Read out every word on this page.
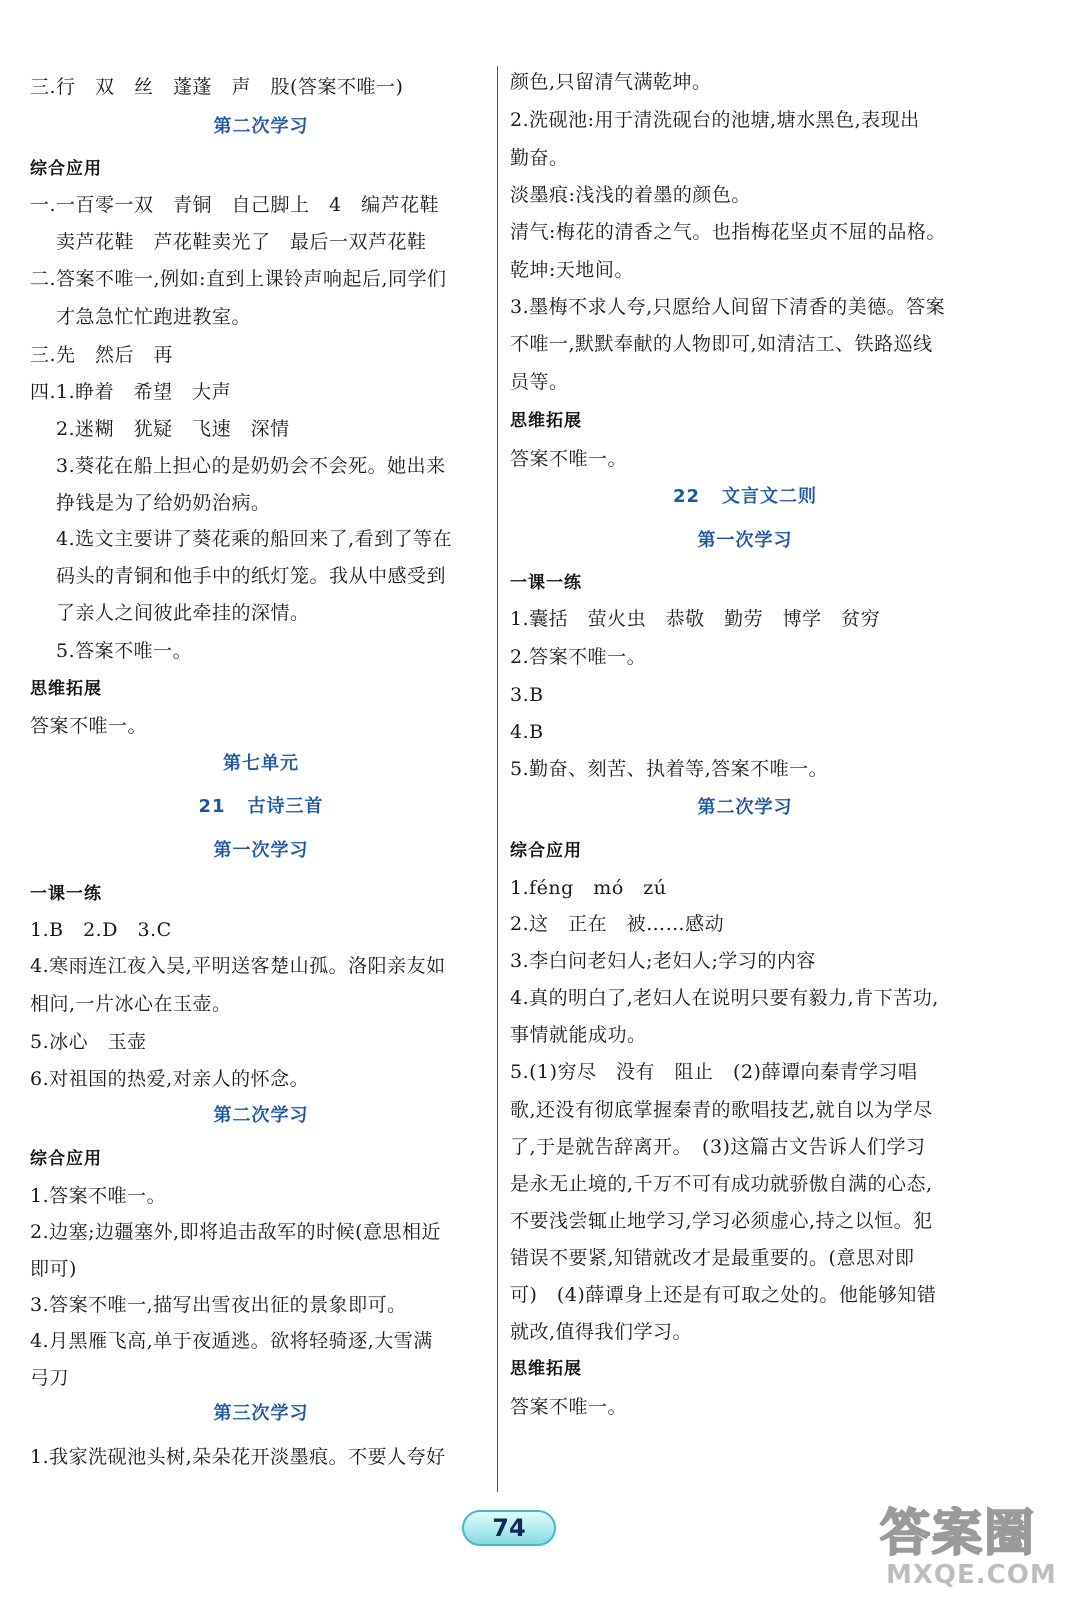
三.行　双　丝　蓬蓬　声　股(答案不唯一)
第二次学习
综合应用
一.一百零一双　青铜　自己脚上　4　编芦花鞋
卖芦花鞋　芦花鞋卖光了　最后一双芦花鞋
二.答案不唯一,例如:直到上课铃声响起后,同学们
才急急忙忙跑进教室。
三.先　然后　再
四.1.睁着　希望　大声
2.迷糊　犹疑　飞速　深情
3.葵花在船上担心的是奶奶会不会死。她出来
挣钱是为了给奶奶治病。
4.选文主要讲了葵花乘的船回来了,看到了等在
码头的青铜和他手中的纸灯笼。我从中感受到
了亲人之间彼此牵挂的深情。
5.答案不唯一。
思维拓展
答案不唯一。
第七单元
21 古诗三首
第一次学习
一课一练
1.B　2.D　3.C
4.寒雨连江夜入吴,平明送客楚山孤。洛阳亲友如
相问,一片冰心在玉壶。
5.冰心　玉壶
6.对祖国的热爱,对亲人的怀念。
第二次学习
综合应用
1.答案不唯一。
2.边塞;边疆塞外,即将追击敌军的时候(意思相近
即可)
3.答案不唯一,描写出雪夜出征的景象即可。
4.月黑雁飞高,单于夜遁逃。欲将轻骑逐,大雪满
弓刀
第三次学习
1.我家洗砚池头树,朵朵花开淡墨痕。不要人夸好
颜色,只留清气满乾坤。
2.洗砚池:用于清洗砚台的池塘,塘水黑色,表现出
勤奋。
淡墨痕:浅浅的着墨的颜色。
清气:梅花的清香之气。也指梅花坚贞不屈的品格。
乾坤:天地间。
3.墨梅不求人夸,只愿给人间留下清香的美德。答案
不唯一,默默奉献的人物即可,如清洁工、铁路巡线
员等。
思维拓展
答案不唯一。
22 文言文二则
第一次学习
一课一练
1.囊括　萤火虫　恭敬　勤劳　博学　贫穷
2.答案不唯一。
3.B
4.B
5.勤奋、刻苦、执着等,答案不唯一。
第二次学习
综合应用
1.féng　mó　zú
2.这　正在　被……感动
3.李白问老妇人;老妇人;学习的内容
4.真的明白了,老妇人在说明只要有毅力,肯下苦功,
事情就能成功。
5.(1)穷尽　没有　阻止　(2)薛谭向秦青学习唱
歌,还没有彻底掌握秦青的歌唱技艺,就自以为学尽
了,于是就告辞离开。　(3)这篇古文告诉人们学习
是永无止境的,千万不可有成功就骄傲自满的心态,
不要浅尝辄止地学习,学习必须虚心,持之以恒。犯
错误不要紧,知错就改才是最重要的。(意思对即
可)　(4)薛谭身上还是有可取之处的。他能够知错
就改,值得我们学习。
思维拓展
答案不唯一。
74	答案圈
MXQE.COM
